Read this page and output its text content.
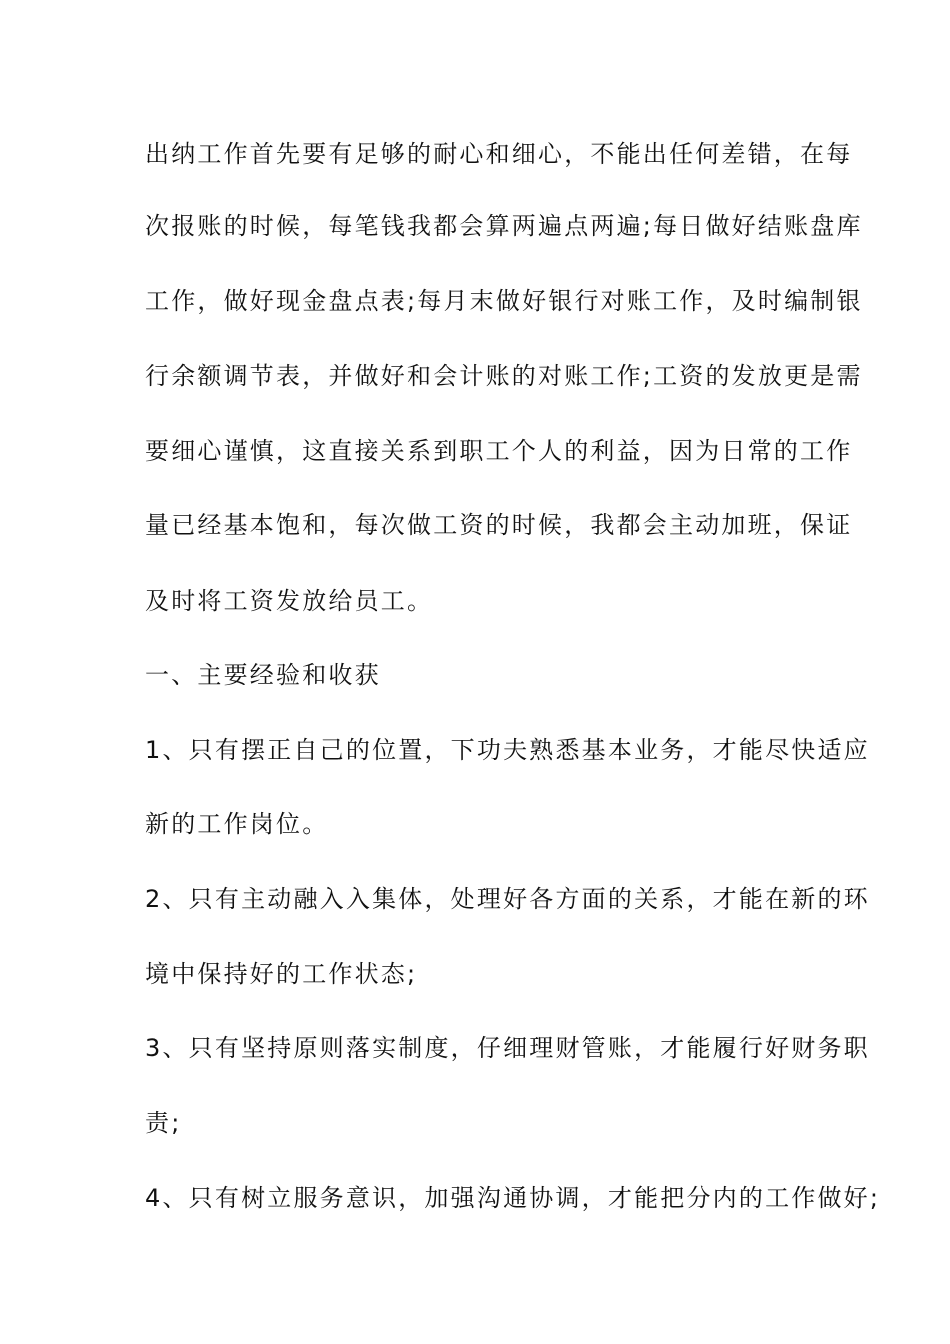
出纳工作首先要有足够的耐心和细心，不能出任何差错，在每
次报账的时候，每笔钱我都会算两遍点两遍;每日做好结账盘库
工作，做好现金盘点表;每月末做好银行对账工作，及时编制银
行余额调节表，并做好和会计账的对账工作;工资的发放更是需
要细心谨慎，这直接关系到职工个人的利益，因为日常的工作
量已经基本饱和，每次做工资的时候，我都会主动加班，保证
及时将工资发放给员工。
一、主要经验和收获
1、只有摆正自己的位置，下功夫熟悉基本业务，才能尽快适应
新的工作岗位。
2、只有主动融入入集体，处理好各方面的关系，才能在新的环
境中保持好的工作状态;
3、只有坚持原则落实制度，仔细理财管账，才能履行好财务职
责;
4、只有树立服务意识，加强沟通协调，才能把分内的工作做好;
